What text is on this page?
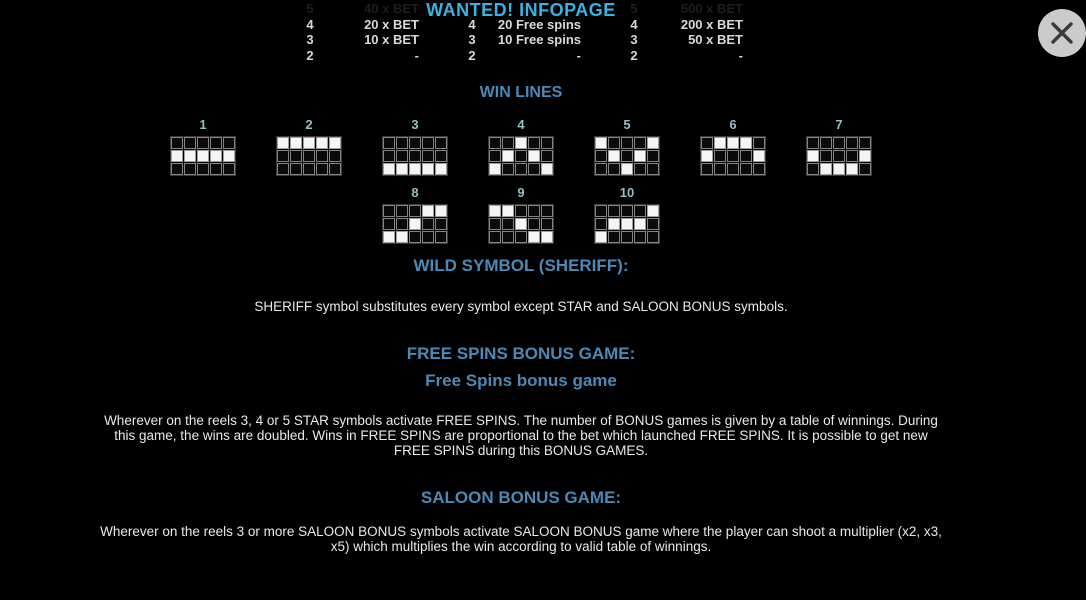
WANTED! INFOPAGE
5	40 x BET
4	20 x BET
3	10 x BET
2	-
4	20 Free spins
3	10 Free spins
2	-
5	500 x BET
4	200 x BET
3	50 x BET
2	-
WIN LINES
1	2	3	4	5	6	7
8	9	10
WILD SYMBOL (SHERIFF):
SHERIFF symbol substitutes every symbol except STAR and SALOON BONUS symbols.
FREE SPINS BONUS GAME:
Free Spins bonus game
Wherever on the reels 3, 4 or 5 STAR symbols activate FREE SPINS. The number of BONUS games is given by a table of winnings. During this game, the wins are doubled. Wins in FREE SPINS are proportional to the bet which launched FREE SPINS. It is possible to get new FREE SPINS during this BONUS GAMES.
SALOON BONUS GAME:
Wherever on the reels 3 or more SALOON BONUS symbols activate SALOON BONUS game where the player can shoot a multiplier (x2, x3, x5) which multiplies the win according to valid table of winnings.
